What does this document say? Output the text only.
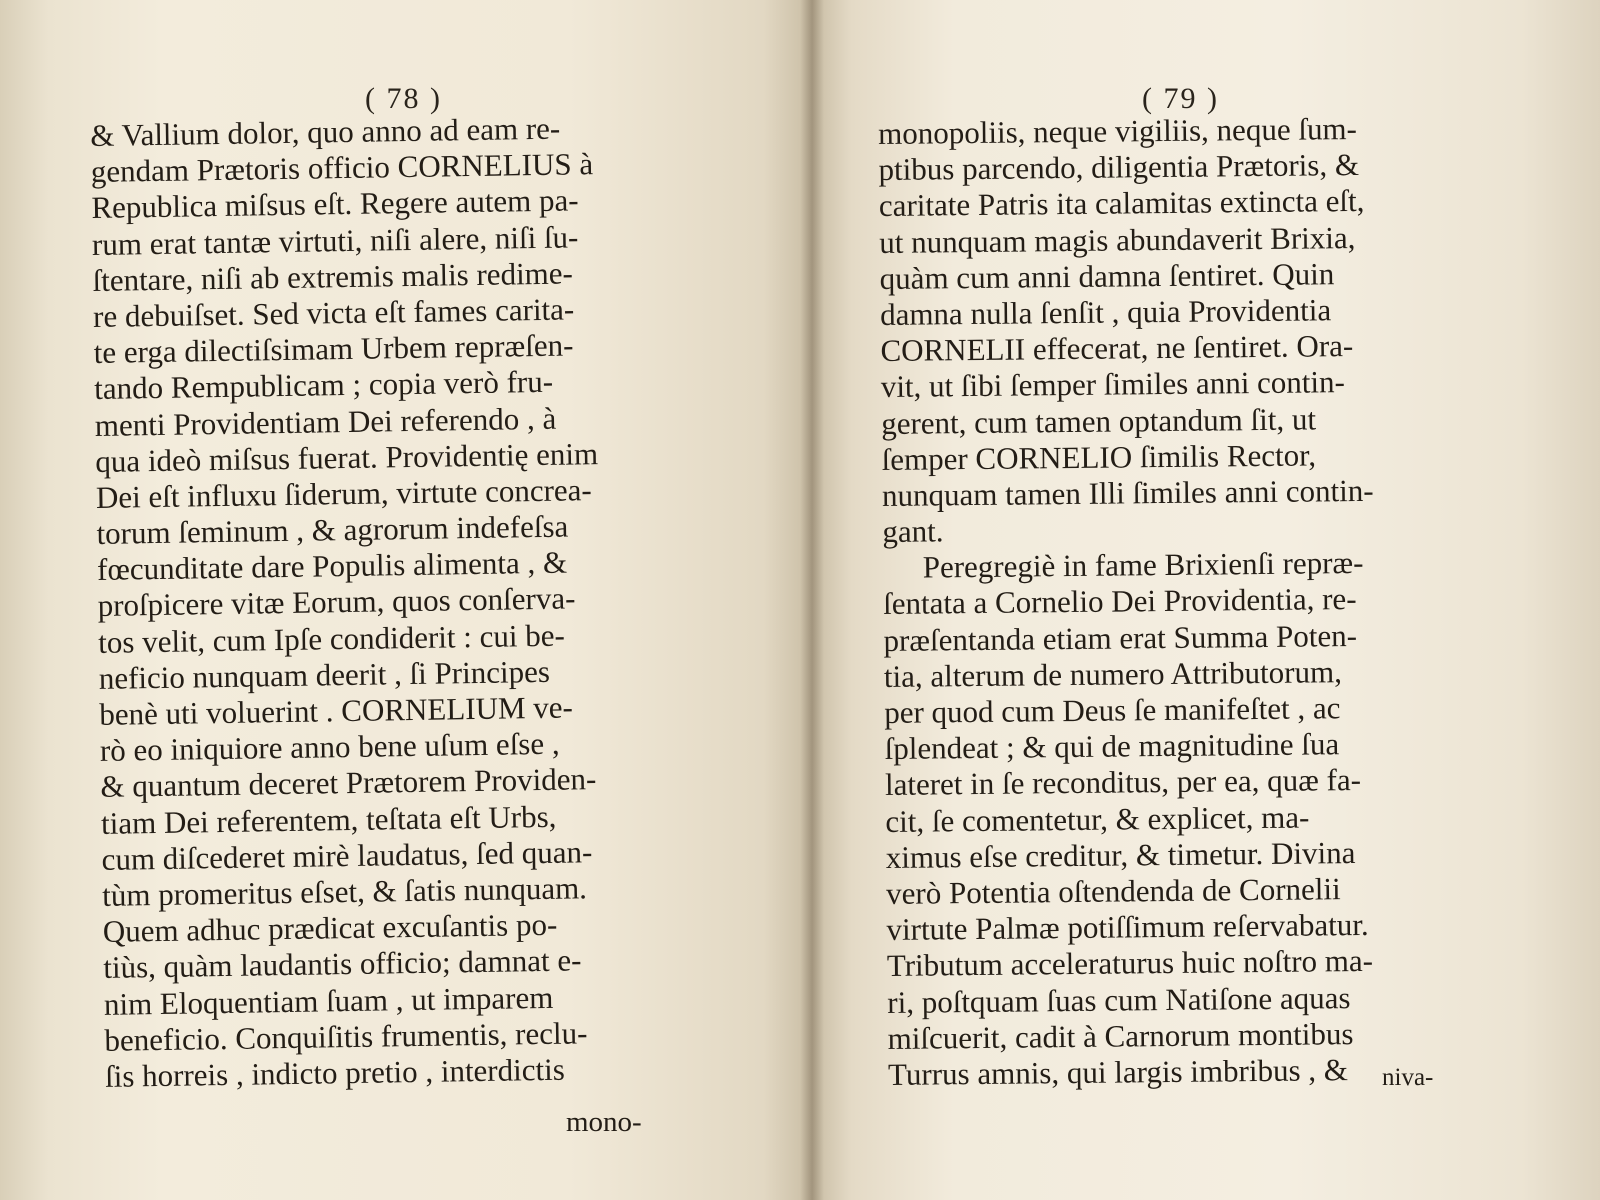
( 78 )
& Vallium dolor, quo anno ad eam re-
gendam Prætoris officio CORNELIUS à
Republica miſsus eſt. Regere autem pa-
rum erat tantæ virtuti, niſi alere, niſi ſu-
ſtentare, niſi ab extremis malis redime-
re debuiſset. Sed victa eſt fames carita-
te erga dilectiſsimam Urbem repræſen-
tando Rempublicam ; copia verò fru-
menti Providentiam Dei referendo , à
qua ideò miſsus fuerat. Providentię enim
Dei eſt influxu ſiderum, virtute concrea-
torum ſeminum , & agrorum indefeſsa
fœcunditate dare Populis alimenta , &
proſpicere vitæ Eorum, quos conſerva-
tos velit, cum Ipſe condiderit : cui be-
neficio nunquam deerit , ſi Principes
benè uti voluerint . CORNELIUM ve-
rò eo iniquiore anno bene uſum eſse ,
& quantum deceret Prætorem Providen-
tiam Dei referentem, teſtata eſt Urbs,
cum diſcederet mirè laudatus, ſed quan-
tùm promeritus eſset, & ſatis nunquam.
Quem adhuc prædicat excuſantis po-
tiùs, quàm laudantis officio; damnat e-
nim Eloquentiam ſuam , ut imparem
beneficio. Conquiſitis frumentis, reclu-
ſis horreis , indicto pretio , interdictis
mono-
( 79 )
monopoliis, neque vigiliis, neque ſum-
ptibus parcendo, diligentia Prætoris, &
caritate Patris ita calamitas extincta eſt,
ut nunquam magis abundaverit Brixia,
quàm cum anni damna ſentiret. Quin
damna nulla ſenſit , quia Providentia
CORNELII effecerat, ne ſentiret. Ora-
vit, ut ſibi ſemper ſimiles anni contin-
gerent, cum tamen optandum ſit, ut
ſemper CORNELIO ſimilis Rector,
nunquam tamen Illi ſimiles anni contin-
gant.
Peregregiè in fame Brixienſi repræ-
ſentata a Cornelio Dei Providentia, re-
præſentanda etiam erat Summa Poten-
tia, alterum de numero Attributorum,
per quod cum Deus ſe manifeſtet , ac
ſplendeat ; & qui de magnitudine ſua
lateret in ſe reconditus, per ea, quæ fa-
cit, ſe comentetur, & explicet, ma-
ximus eſse creditur, & timetur. Divina
verò Potentia oſtendenda de Cornelii
virtute Palmæ potiſſimum reſervabatur.
Tributum acceleraturus huic noſtro ma-
ri, poſtquam ſuas cum Natiſone aquas
miſcuerit, cadit à Carnorum montibus
Turrus amnis, qui largis imbribus , &	niva-
